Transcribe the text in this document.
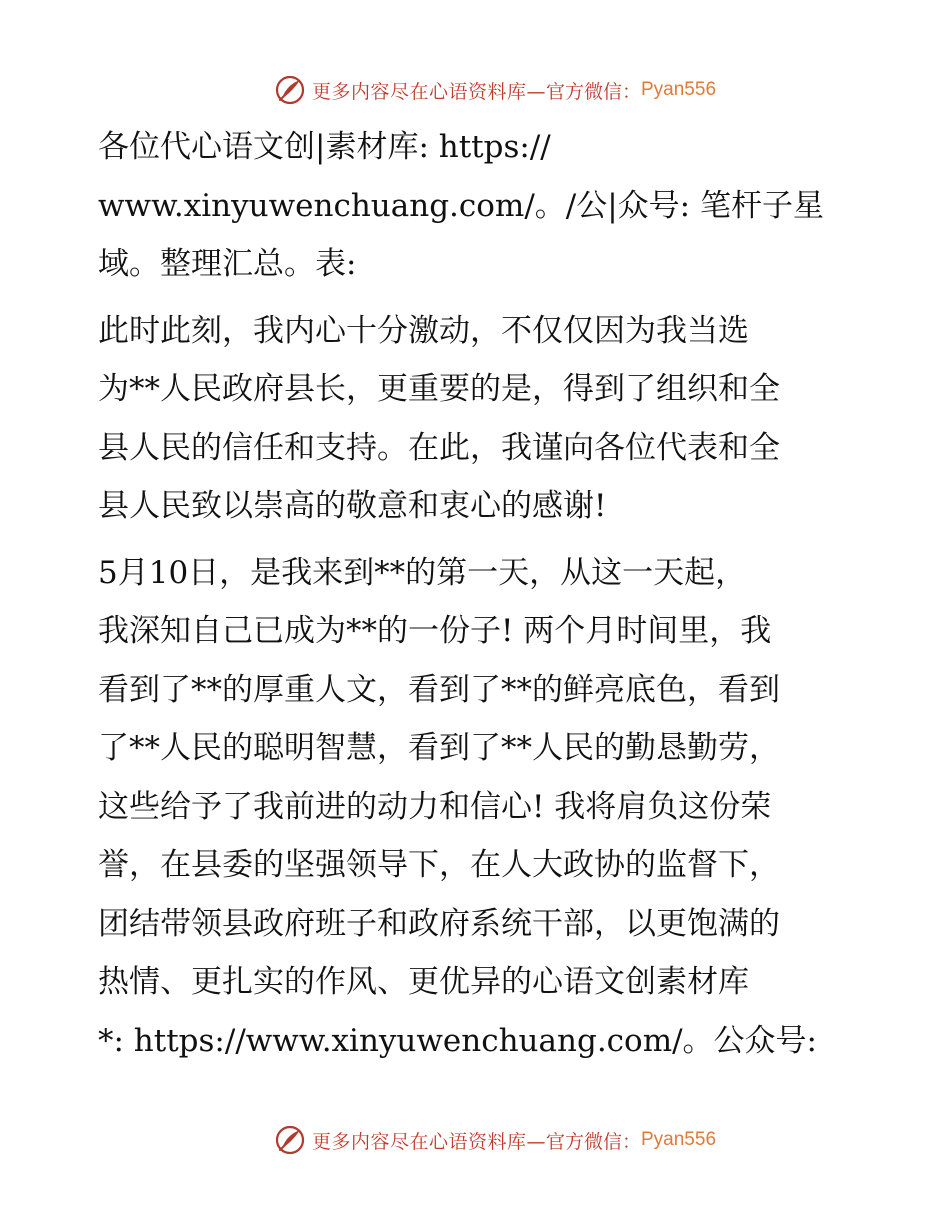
更多内容尽在心语资料库— 官方微信： Pyan556

各位代心语文创|素材库: https://
www.xinyuwenchuang.com/。/公|众号: 笔杆子星
域。整理汇总。表:

此时此刻，我内心十分激动，不仅仅因为我当选
为**人民政府县长，更重要的是，得到了组织和全
县人民的信任和支持。在此，我谨向各位代表和全
县人民致以崇高的敬意和衷心的感谢!

5月10日，是我来到**的第一天，从这一天起，
我深知自己已成为**的一份子! 两个月时间里，我
看到了**的厚重人文，看到了**的鲜亮底色，看到
了**人民的聪明智慧，看到了**人民的勤恳勤劳，
这些给予了我前进的动力和信心! 我将肩负这份荣
誉，在县委的坚强领导下，在人大政协的监督下，
团结带领县政府班子和政府系统干部，以更饱满的
热情、更扎实的作风、更优异的心语文创素材库
*: https://www.xinyuwenchuang.com/。公众号:

更多内容尽在心语资料库— 官方微信： Pyan556
